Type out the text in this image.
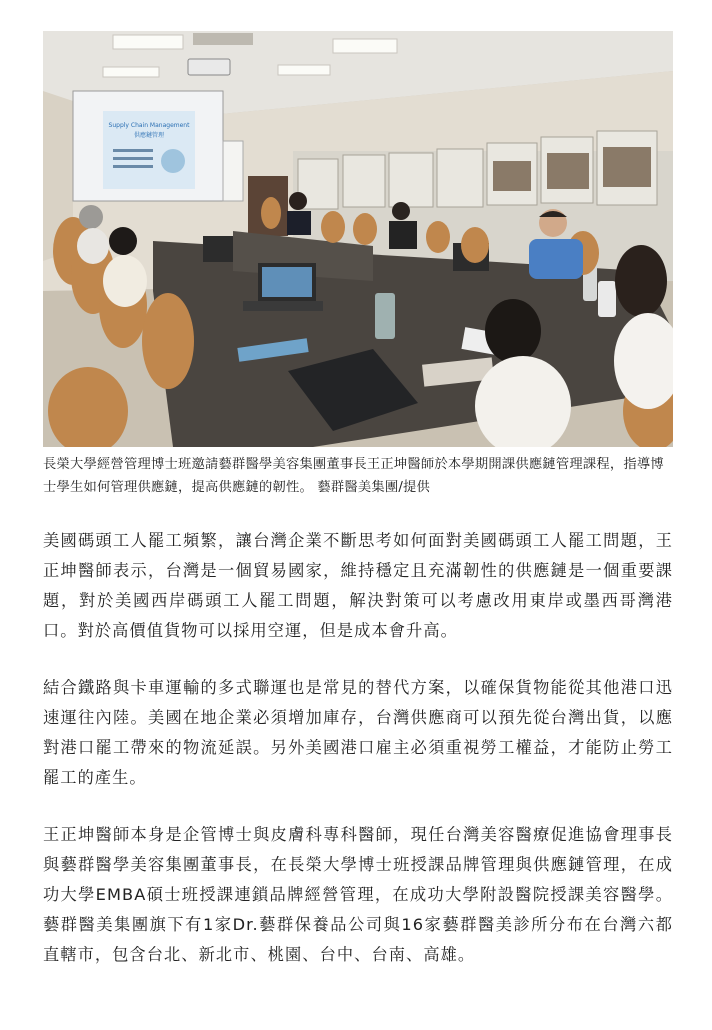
Supply Chain Management
供應鏈管理
長榮大學經營管理博士班邀請藝群醫學美容集團董事長王正坤醫師於本學期開課供應鏈管理課程，指導博士學生如何管理供應鏈，提高供應鏈的韌性。 藝群醫美集團/提供

美國碼頭工人罷工頻繁，讓台灣企業不斷思考如何面對美國碼頭工人罷工問題，王正坤醫師表示，台灣是一個貿易國家，維持穩定且充滿韌性的供應鏈是一個重要課題，對於美國西岸碼頭工人罷工問題，解決對策可以考慮改用東岸或墨西哥灣港口。對於高價值貨物可以採用空運，但是成本會升高。

結合鐵路與卡車運輸的多式聯運也是常見的替代方案，以確保貨物能從其他港口迅速運往內陸。美國在地企業必須增加庫存，台灣供應商可以預先從台灣出貨，以應對港口罷工帶來的物流延誤。另外美國港口雇主必須重視勞工權益，才能防止勞工罷工的產生。

王正坤醫師本身是企管博士與皮膚科專科醫師，現任台灣美容醫療促進協會理事長與藝群醫學美容集團董事長，在長榮大學博士班授課品牌管理與供應鏈管理，在成功大學EMBA碩士班授課連鎖品牌經營管理，在成功大學附設醫院授課美容醫學。藝群醫美集團旗下有1家Dr.藝群保養品公司與16家藝群醫美診所分布在台灣六都直轄市，包含台北、新北市、桃園、台中、台南、高雄。
